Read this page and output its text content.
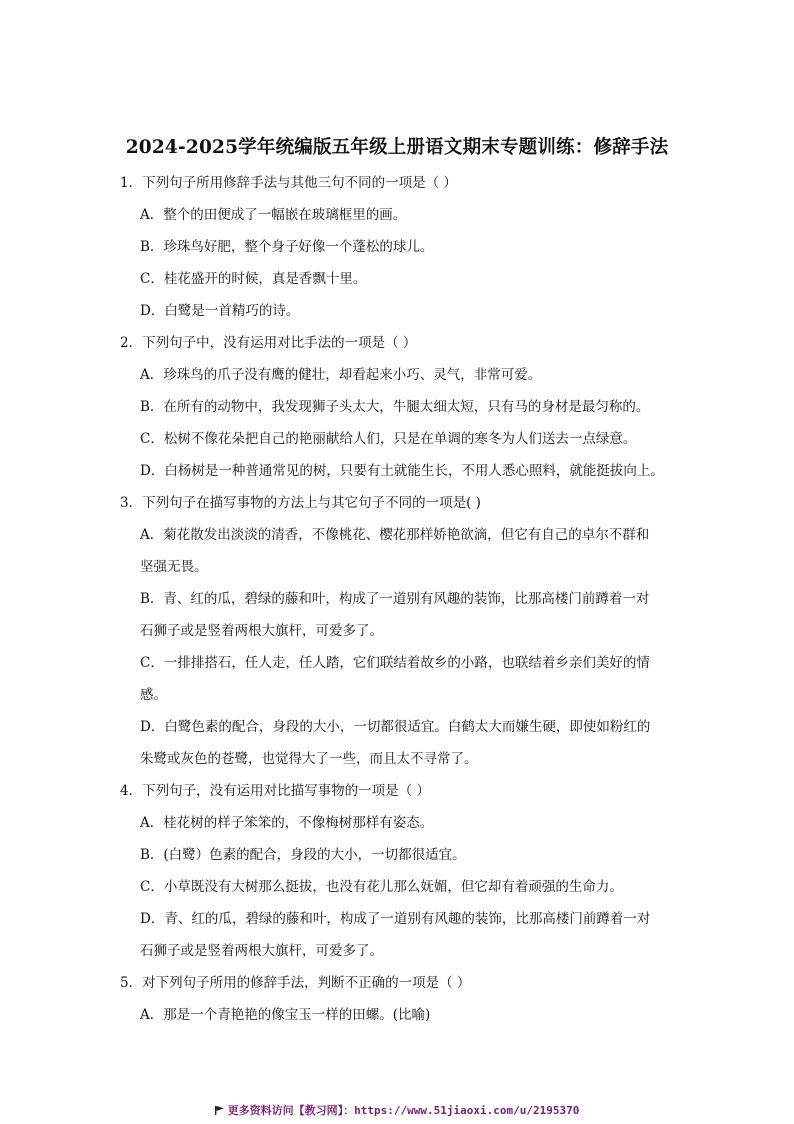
2024-2025学年统编版五年级上册语文期末专题训练：修辞手法
1．下列句子所用修辞手法与其他三句不同的一项是（ ）
A．整个的田便成了一幅嵌在玻璃框里的画。
B．珍珠鸟好肥，整个身子好像一个蓬松的球儿。
C．桂花盛开的时候，真是香飘十里。
D．白鹭是一首精巧的诗。
2．下列句子中，没有运用对比手法的一项是（ ）
A．珍珠鸟的爪子没有鹰的健壮，却看起来小巧、灵气，非常可爱。
B．在所有的动物中，我发现狮子头太大，牛腿太细太短，只有马的身材是最匀称的。
C．松树不像花朵把自己的艳丽献给人们，只是在单调的寒冬为人们送去一点绿意。
D．白杨树是一种普通常见的树，只要有土就能生长，不用人悉心照料，就能挺拔向上。
3．下列句子在描写事物的方法上与其它句子不同的一项是( )
A．菊花散发出淡淡的清香，不像桃花、樱花那样娇艳欲滴，但它有自己的卓尔不群和
坚强无畏。
B．青、红的瓜，碧绿的藤和叶，构成了一道别有风趣的装饰，比那高楼门前蹲着一对
石狮子或是竖着两根大旗杆，可爱多了。
C．一排排搭石，任人走，任人踏，它们联结着故乡的小路，也联结着乡亲们美好的情
感。
D．白鹭色素的配合，身段的大小，一切都很适宜。白鹤太大而嫌生硬，即使如粉红的
朱鹭或灰色的苍鹭，也觉得大了一些，而且太不寻常了。
4．下列句子，没有运用对比描写事物的一项是（ ）
A．桂花树的样子笨笨的，不像梅树那样有姿态。
B．(白鹭）色素的配合，身段的大小，一切都很适宜。
C．小草既没有大树那么挺拔，也没有花儿那么妩媚，但它却有着顽强的生命力。
D．青、红的瓜，碧绿的藤和叶，构成了一道别有风趣的装饰，比那高楼门前蹲着一对
石狮子或是竖着两根大旗杆，可爱多了。
5．对下列句子所用的修辞手法，判断不正确的一项是（ ）
A．那是一个青艳艳的像宝玉一样的田螺。(比喻)
更多资料访问【教习网】：https://www.51jiaoxi.com/u/2195370
